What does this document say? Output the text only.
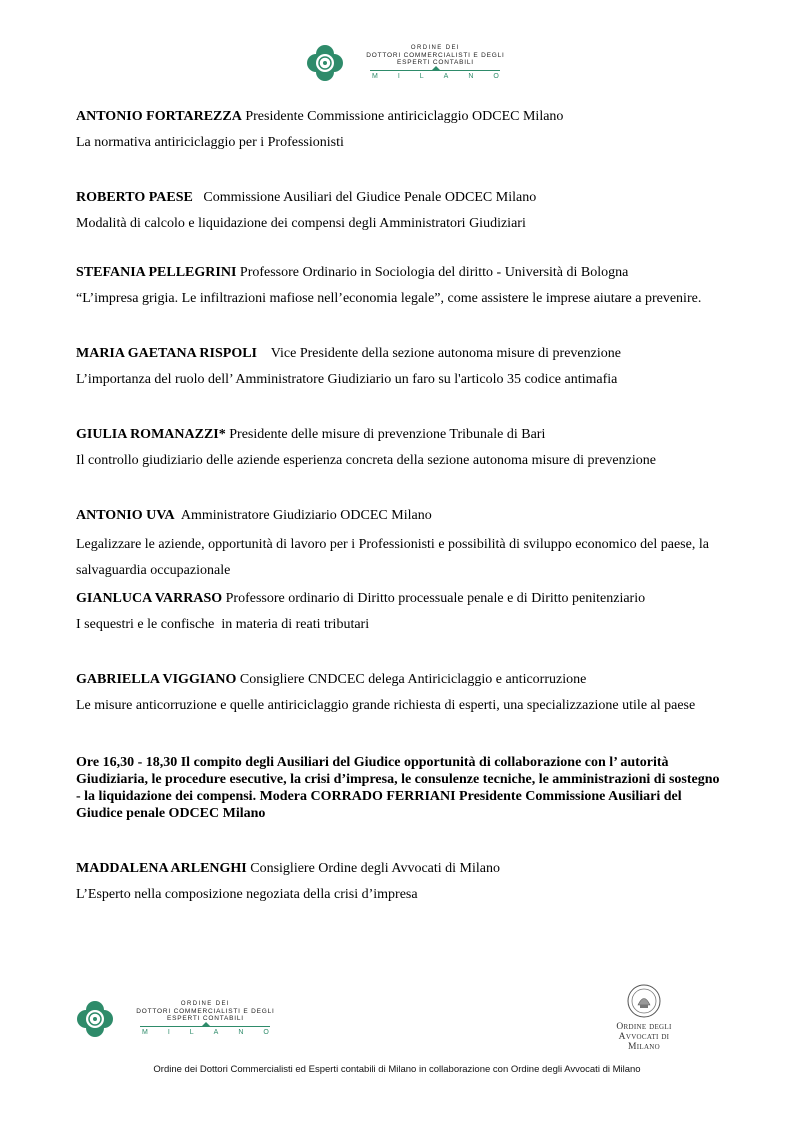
ORDINE DEI
DOTTORI COMMERCIALISTI E DEGLI
ESPERTI CONTABILI
MILANO

ANTONIO FORTAREZZA Presidente Commissione antiriciclaggio ODCEC Milano

La normativa antiriciclaggio per i Professionisti

ROBERTO PAESE   Commissione Ausiliari del Giudice Penale ODCEC Milano

Modalità di calcolo e liquidazione dei compensi degli Amministratori Giudiziari

STEFANIA PELLEGRINI Professore Ordinario in Sociologia del diritto - Università di Bologna

“L’impresa grigia. Le infiltrazioni mafiose nell’economia legale”, come assistere le imprese aiutare a prevenire.

MARIA GAETANA RISPOLI    Vice Presidente della sezione autonoma misure di prevenzione

L’importanza del ruolo dell’ Amministratore Giudiziario un faro su l'articolo 35 codice antimafia

GIULIA ROMANAZZI* Presidente delle misure di prevenzione Tribunale di Bari

Il controllo giudiziario delle aziende esperienza concreta della sezione autonoma misure di prevenzione

ANTONIO UVA  Amministratore Giudiziario ODCEC Milano

Legalizzare le aziende, opportunità di lavoro per i Professionisti e possibilità di sviluppo economico del paese, la salvaguardia occupazionale

GIANLUCA VARRASO Professore ordinario di Diritto processuale penale e di Diritto penitenziario

I sequestri e le confische  in materia di reati tributari

GABRIELLA VIGGIANO Consigliere CNDCEC delega Antiriciclaggio e anticorruzione

Le misure anticorruzione e quelle antiriciclaggio grande richiesta di esperti, una specializzazione utile al paese

Ore 16,30 - 18,30 Il compito degli Ausiliari del Giudice opportunità di collaborazione con l’ autorità Giudiziaria, le procedure esecutive, la crisi d’impresa, le consulenze tecniche, le amministrazioni di sostegno - la liquidazione dei compensi. Modera CORRADO FERRIANI Presidente Commissione Ausiliari del Giudice penale ODCEC Milano

MADDALENA ARLENGHI Consigliere Ordine degli Avvocati di Milano

L’Esperto nella composizione negoziata della crisi d’impresa

ORDINE DEI
DOTTORI COMMERCIALISTI E DEGLI
ESPERTI CONTABILI
MILANO
Ordine degli
Avvocati di Milano
Ordine dei Dottori Commercialisti ed Esperti contabili di Milano in collaborazione con Ordine degli Avvocati di Milano
